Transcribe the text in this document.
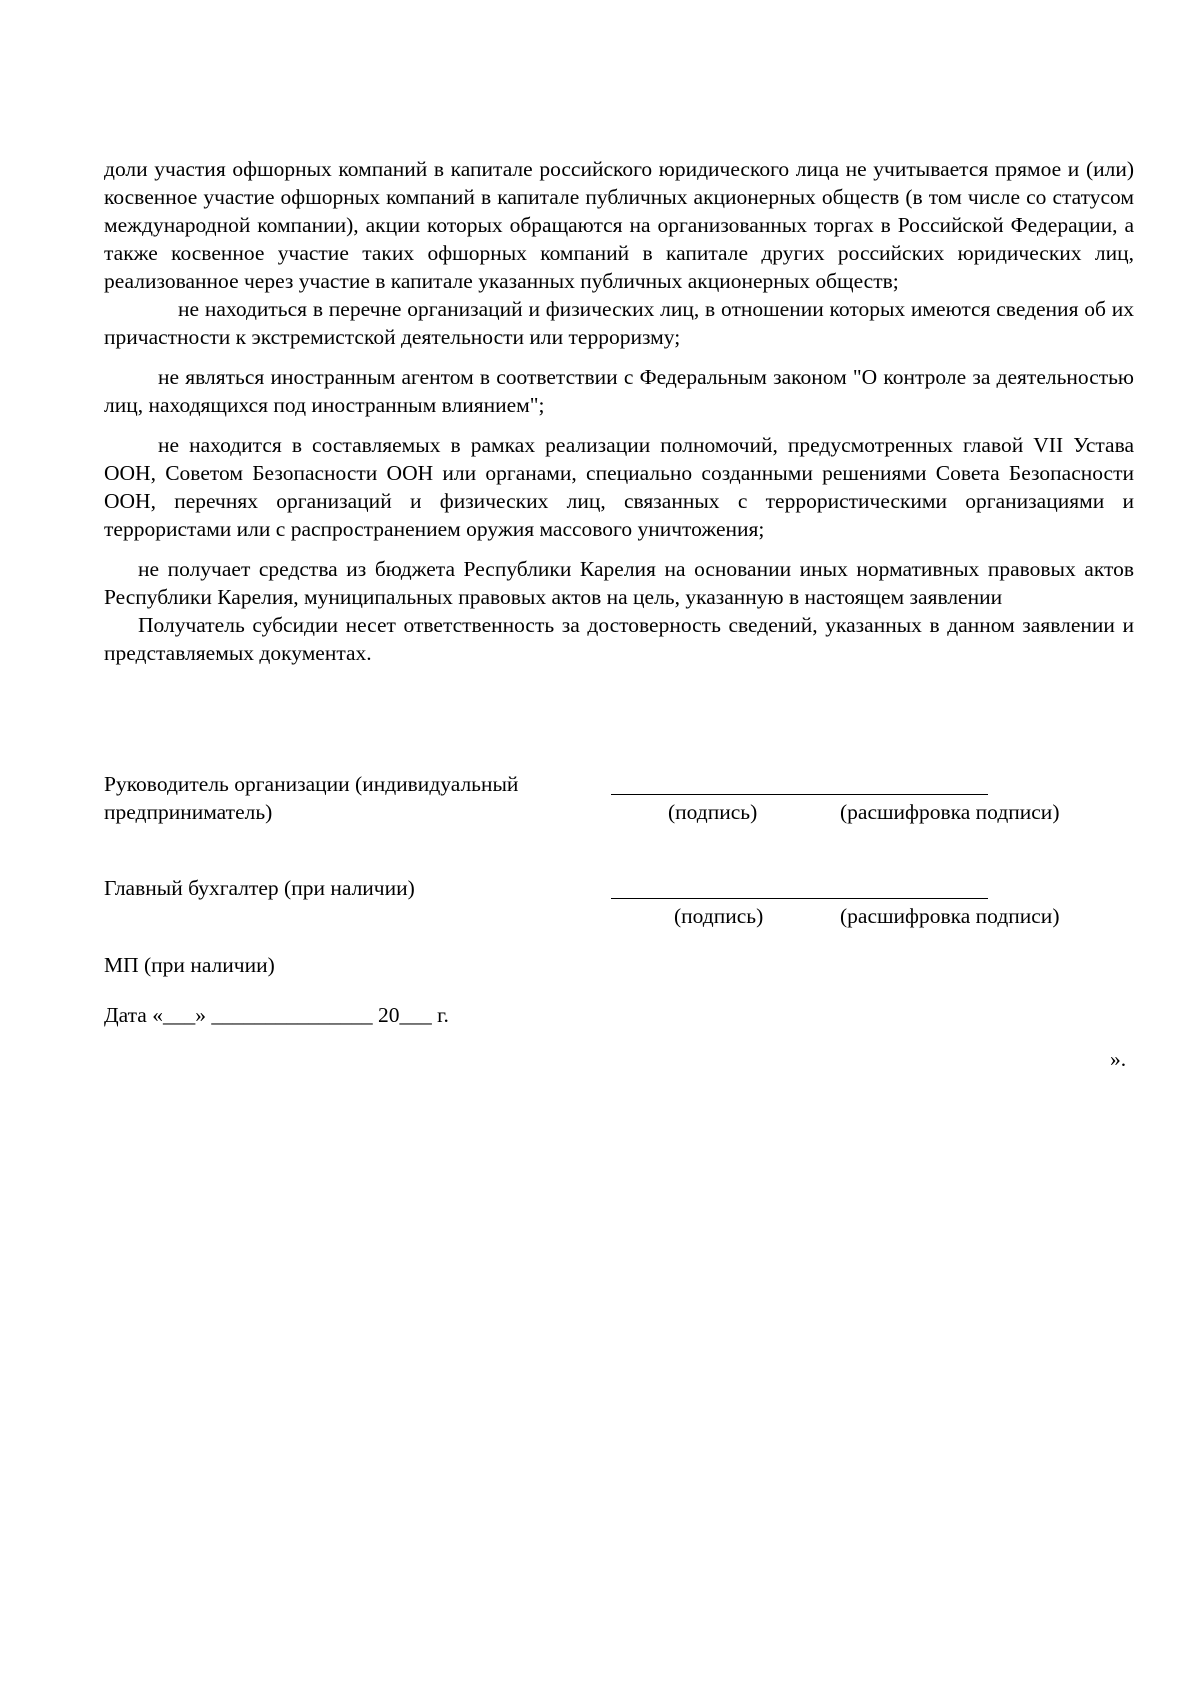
доли участия офшорных компаний в капитале российского юридического лица не учитывается прямое и (или) косвенное участие офшорных компаний в капитале публичных акционерных обществ (в том числе со статусом международной компании), акции которых обращаются на организованных торгах в Российской Федерации, а также косвенное участие таких офшорных компаний в капитале других российских юридических лиц, реализованное через участие в капитале указанных публичных акционерных обществ;

не находиться в перечне организаций и физических лиц, в отношении которых имеются сведения об их причастности к экстремистской деятельности или терроризму;

не являться иностранным агентом в соответствии с Федеральным законом "О контроле за деятельностью лиц, находящихся под иностранным влиянием";

не находится в составляемых в рамках реализации полномочий, предусмотренных главой VII Устава ООН, Советом Безопасности ООН или органами, специально созданными решениями Совета Безопасности ООН, перечнях организаций и физических лиц, связанных с террористическими организациями и террористами или с распространением оружия массового уничтожения;

не получает средства из бюджета Республики Карелия на основании иных нормативных правовых актов Республики Карелия, муниципальных правовых актов на цель, указанную в настоящем заявлении

Получатель субсидии несет ответственность за достоверность сведений, указанных в данном заявлении и представляемых документах.

Руководитель организации (индивидуальный предприниматель)	(подпись)	(расшифровка подписи)
Главный бухгалтер (при наличии)
(подпись)	(расшифровка подписи)
МП (при наличии)
Дата «___» _______________ 20___ г.
».
